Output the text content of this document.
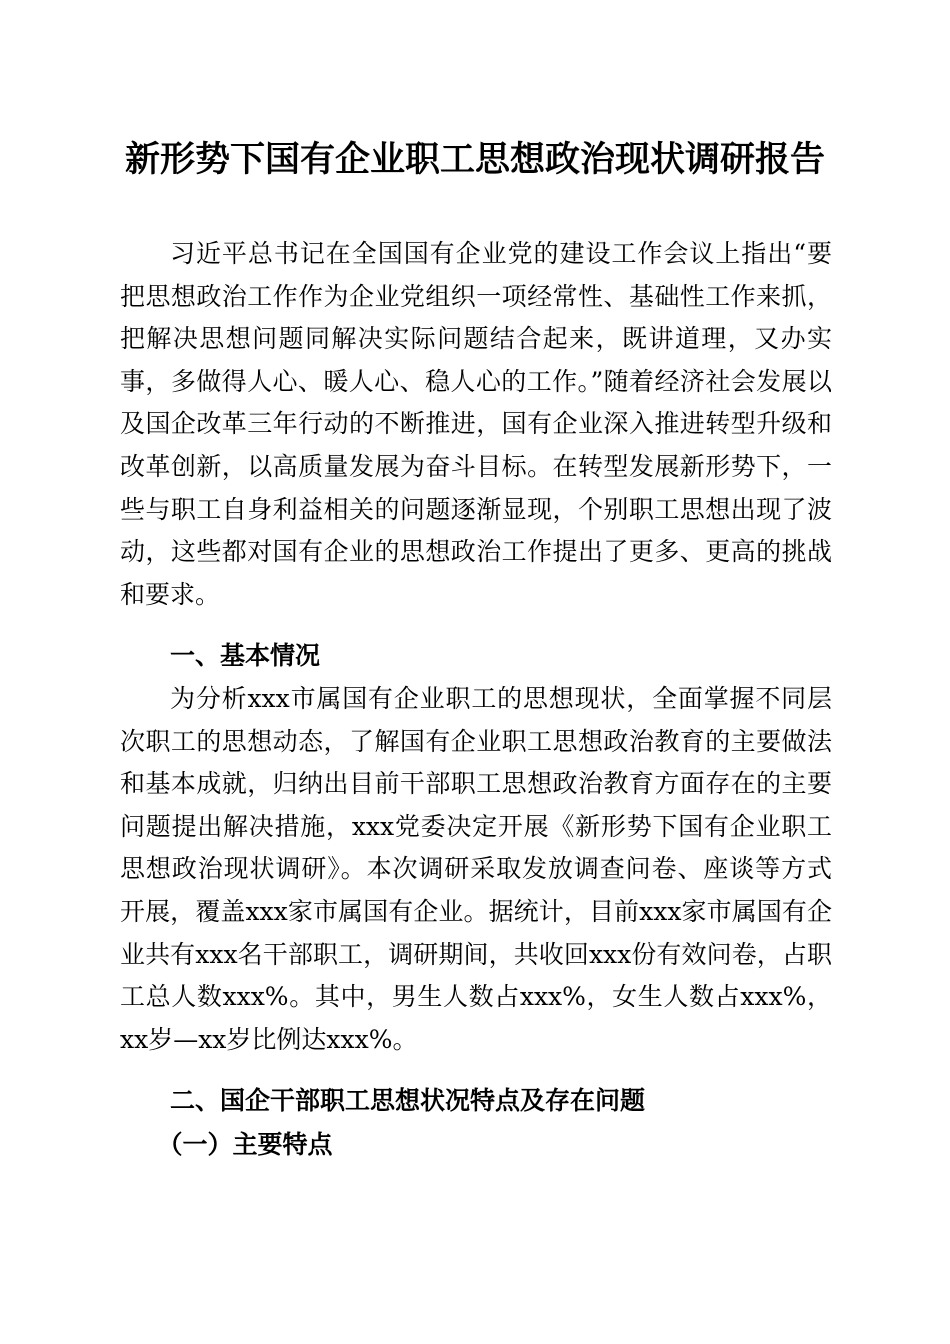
新形势下国有企业职工思想政治现状调研报告

习近平总书记在全国国有企业党的建设工作会议上指出“要把思想政治工作作为企业党组织一项经常性、基础性工作来抓，把解决思想问题同解决实际问题结合起来，既讲道理，又办实事，多做得人心、暖人心、稳人心的工作。”随着经济社会发展以及国企改革三年行动的不断推进，国有企业深入推进转型升级和改革创新，以高质量发展为奋斗目标。在转型发展新形势下，一些与职工自身利益相关的问题逐渐显现，个别职工思想出现了波动，这些都对国有企业的思想政治工作提出了更多、更高的挑战和要求。

一、基本情况

为分析xxx市属国有企业职工的思想现状，全面掌握不同层次职工的思想动态，了解国有企业职工思想政治教育的主要做法和基本成就，归纳出目前干部职工思想政治教育方面存在的主要问题提出解决措施，xxx党委决定开展《新形势下国有企业职工思想政治现状调研》。本次调研采取发放调查问卷、座谈等方式开展，覆盖xxx家市属国有企业。据统计，目前xxx家市属国有企业共有xxx名干部职工，调研期间，共收回xxx份有效问卷，占职工总人数xxx%。其中，男生人数占xxx%，女生人数占xxx%，xx岁—xx岁比例达xxx%。

二、国企干部职工思想状况特点及存在问题

（一）主要特点
